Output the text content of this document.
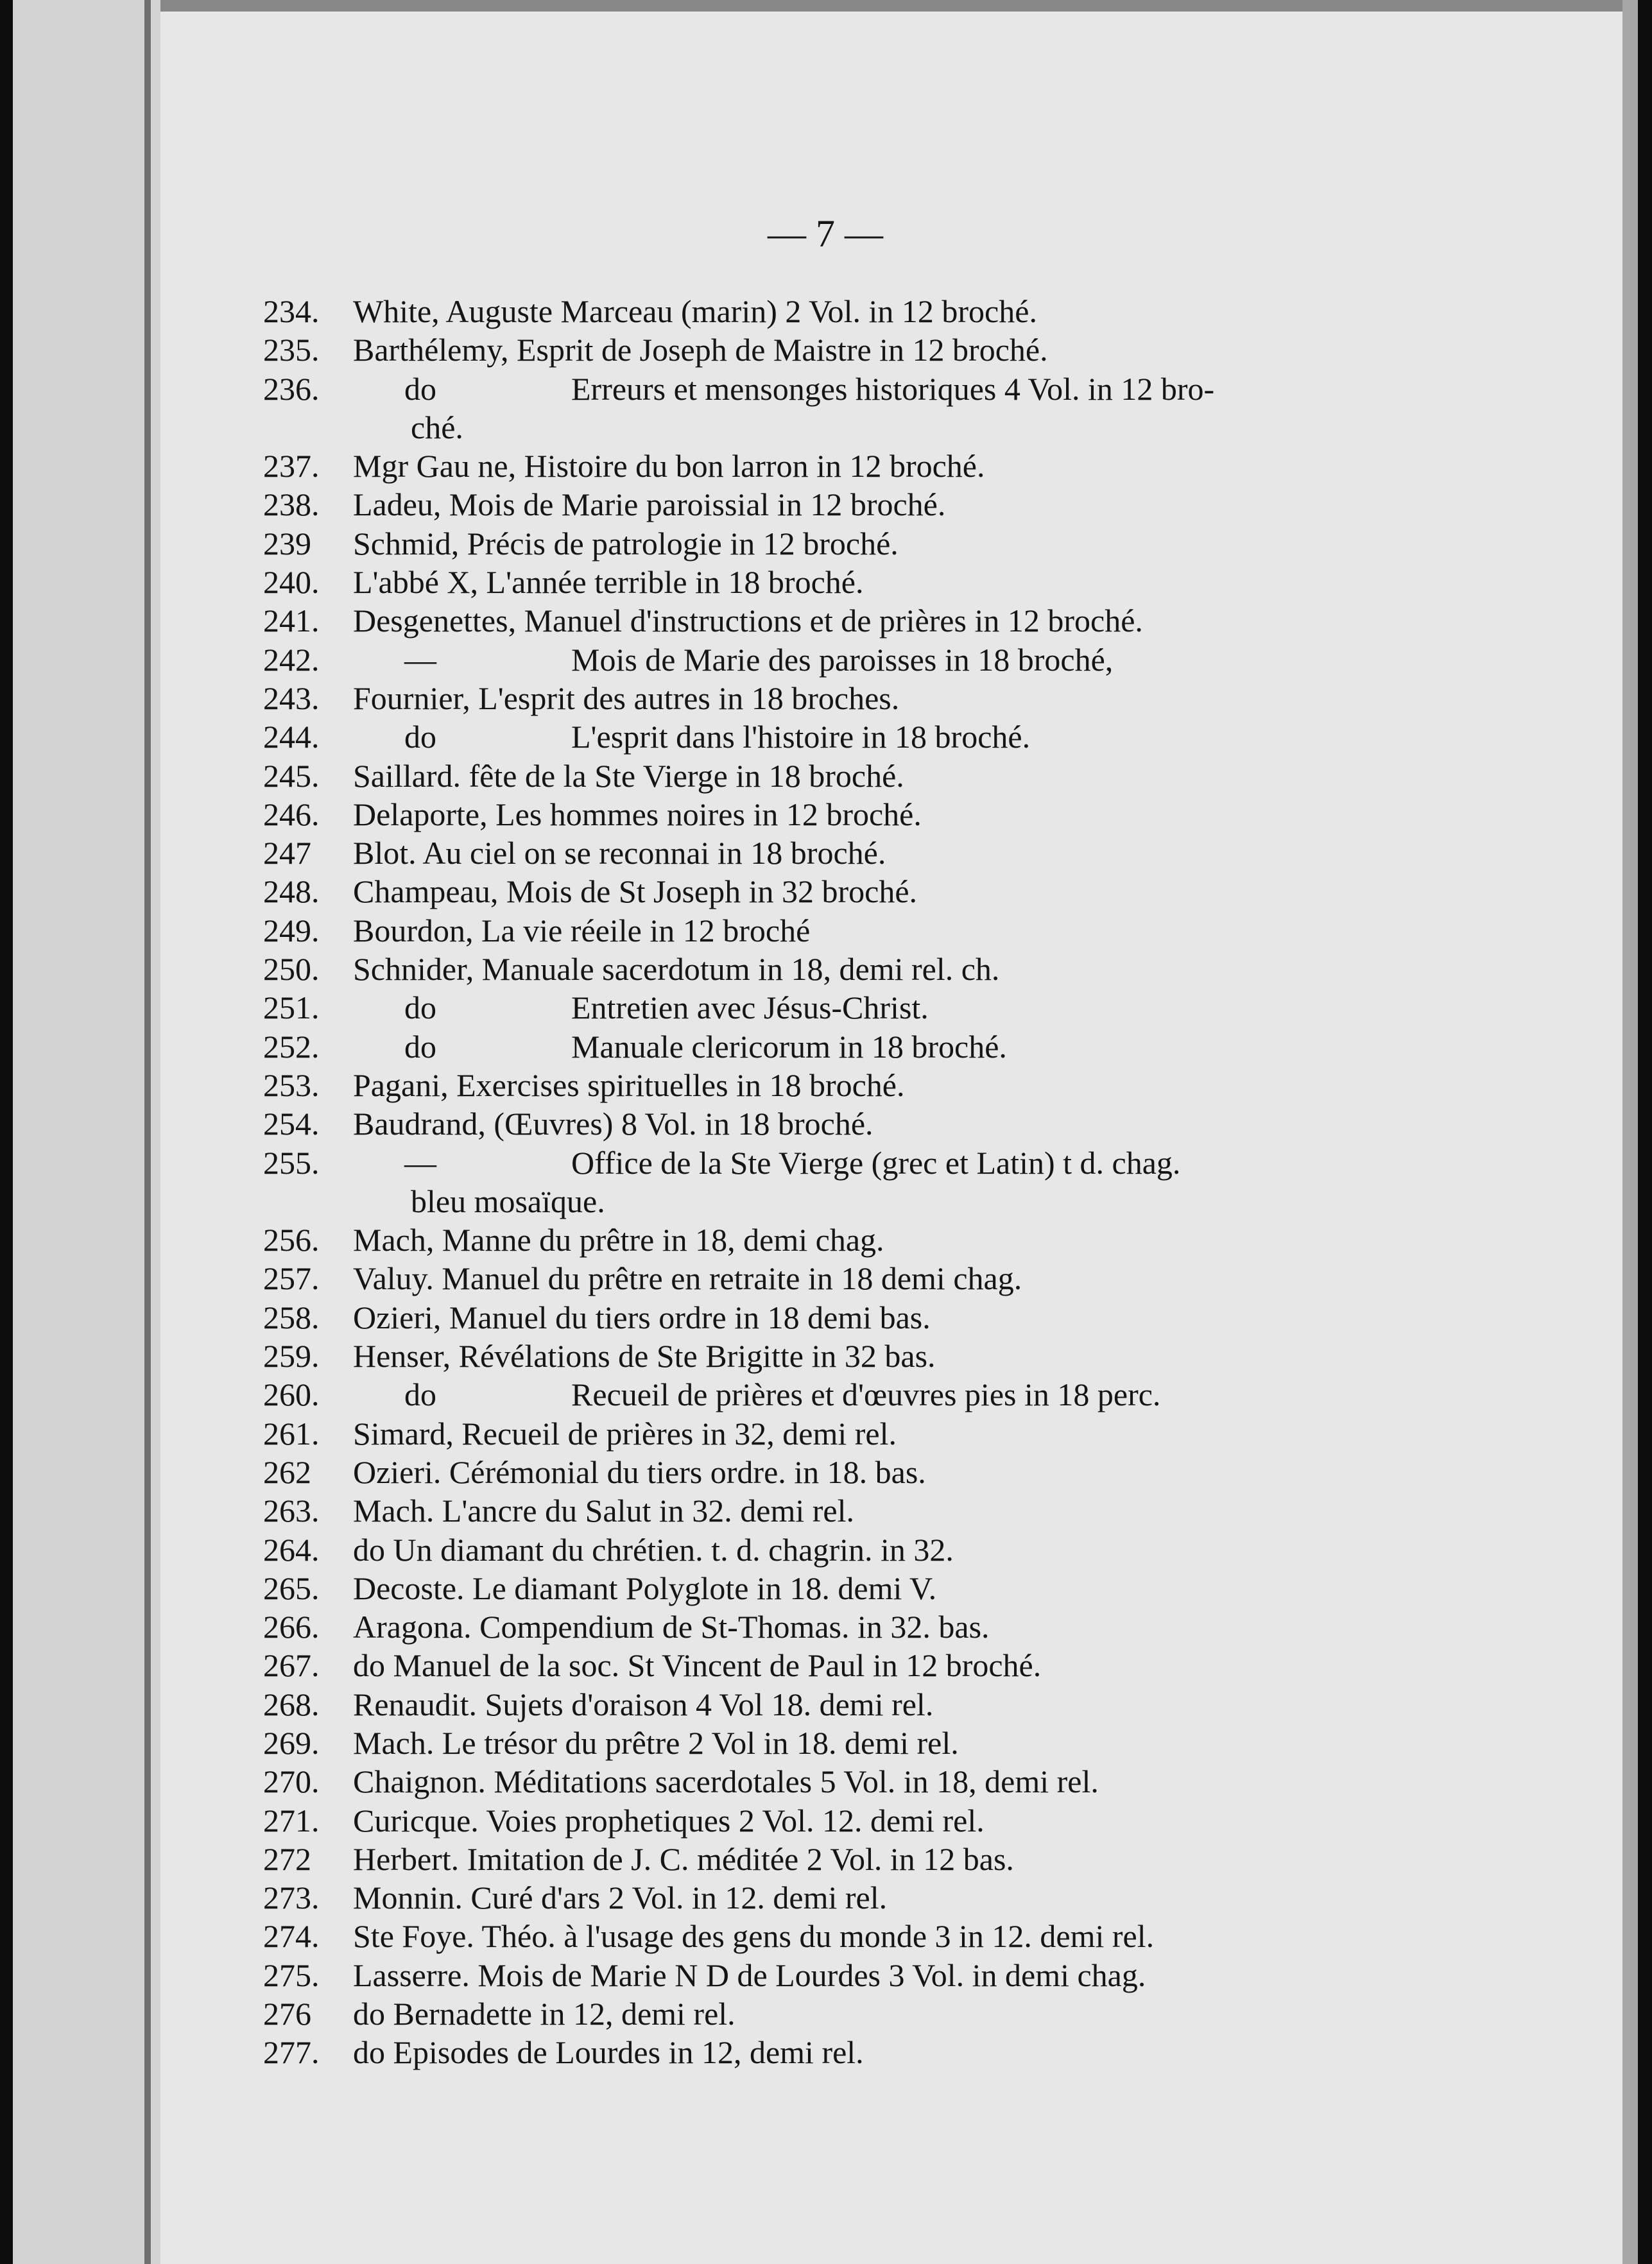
— 7 —
234. White, Auguste Marceau (marin) 2 Vol. in 12 broché.
235. Barthélemy, Esprit de Joseph de Maistre in 12 broché.
236.	do	Erreurs et mensonges historiques 4 Vol. in 12 bro-
ché.
237. Mgr Gau ne, Histoire du bon larron in 12 broché.
238. Ladeu, Mois de Marie paroissial in 12 broché.
239 Schmid, Précis de patrologie in 12 broché.
240. L'abbé X, L'année terrible in 18 broché.
241. Desgenettes, Manuel d'instructions et de prières in 12 broché.
242.	—	Mois de Marie des paroisses in 18 broché,
243. Fournier, L'esprit des autres in 18 broches.
244.	do	L'esprit dans l'histoire in 18 broché.
245. Saillard. fête de la Ste Vierge in 18 broché.
246. Delaporte, Les hommes noires in 12 broché.
247 Blot. Au ciel on se reconnai in 18 broché.
248. Champeau, Mois de St Joseph in 32 broché.
249. Bourdon, La vie réeile in 12 broché
250. Schnider, Manuale sacerdotum in 18, demi rel. ch.
251.	do	Entretien avec Jésus-Christ.
252.	do	Manuale clericorum in 18 broché.
253. Pagani, Exercises spirituelles in 18 broché.
254. Baudrand, (Œuvres) 8 Vol. in 18 broché.
255.	—	Office de la Ste Vierge (grec et Latin) t d. chag.
bleu mosaïque.
256. Mach, Manne du prêtre in 18, demi chag.
257. Valuy. Manuel du prêtre en retraite in 18 demi chag.
258. Ozieri, Manuel du tiers ordre in 18 demi bas.
259. Henser, Révélations de Ste Brigitte in 32 bas.
260.	do	Recueil de prières et d'œuvres pies in 18 perc.
261. Simard, Recueil de prières in 32, demi rel.
262 Ozieri. Cérémonial du tiers ordre. in 18. bas.
263. Mach. L'ancre du Salut in 32. demi rel.
264. do Un diamant du chrétien. t. d. chagrin. in 32.
265. Decoste. Le diamant Polyglote in 18. demi V.
266. Aragona. Compendium de St-Thomas. in 32. bas.
267. do Manuel de la soc. St Vincent de Paul in 12 broché.
268. Renaudit. Sujets d'oraison 4 Vol 18. demi rel.
269. Mach. Le trésor du prêtre 2 Vol in 18. demi rel.
270. Chaignon. Méditations sacerdotales 5 Vol. in 18, demi rel.
271. Curicque. Voies prophetiques 2 Vol. 12. demi rel.
272 Herbert. Imitation de J. C. méditée 2 Vol. in 12 bas.
273. Monnin. Curé d'ars 2 Vol. in 12. demi rel.
274. Ste Foye. Théo. à l'usage des gens du monde 3 in 12. demi rel.
275. Lasserre. Mois de Marie N D de Lourdes 3 Vol. in demi chag.
276 do Bernadette in 12, demi rel.
277. do Episodes de Lourdes in 12, demi rel.
